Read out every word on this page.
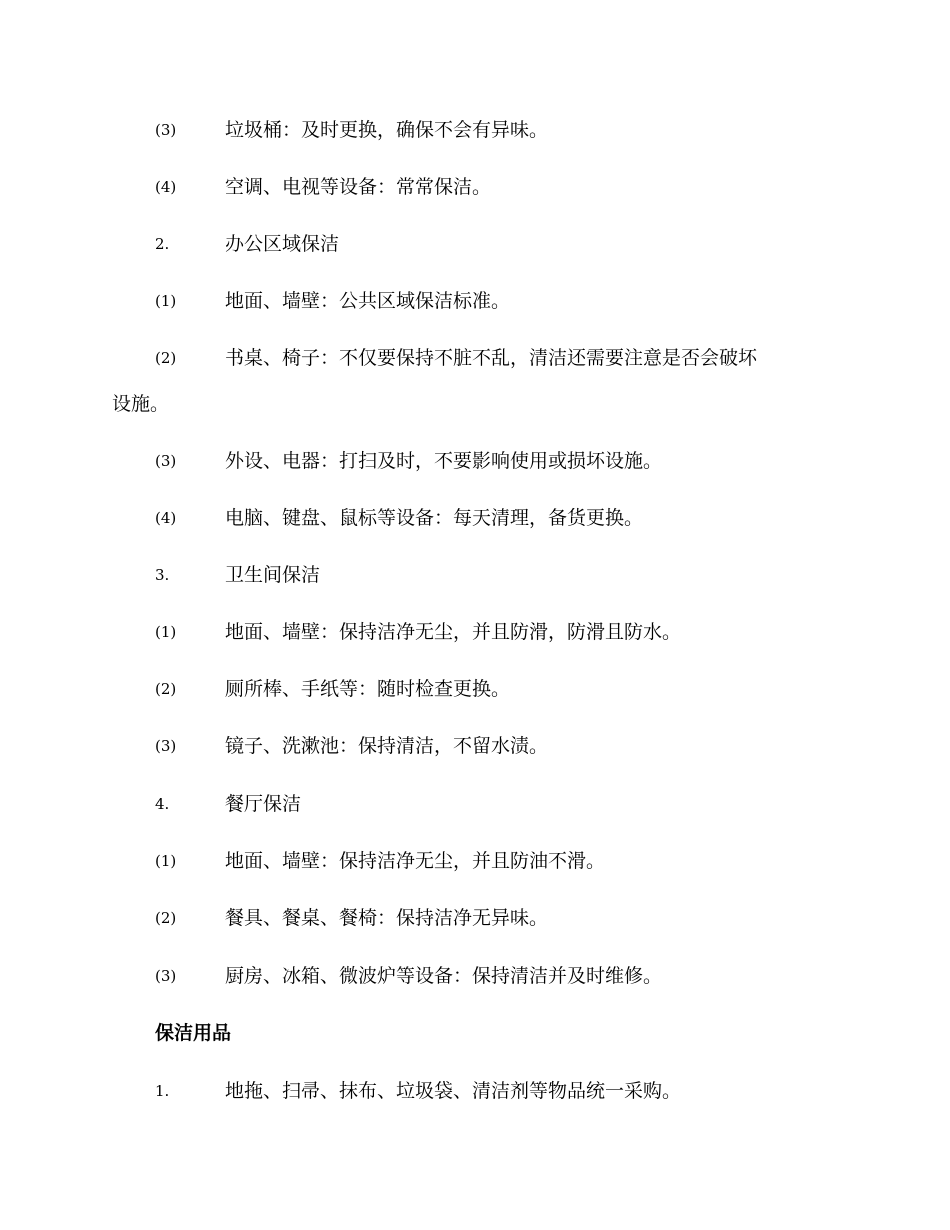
(3)	垃圾桶：及时更换，确保不会有异味。
(4)	空调、电视等设备：常常保洁。
2.	办公区域保洁
(1)	地面、墙壁：公共区域保洁标准。
(2)	书桌、椅子：不仅要保持不脏不乱，清洁还需要注意是否会破坏
设施。
(3)	外设、电器：打扫及时，不要影响使用或损坏设施。
(4)	电脑、键盘、鼠标等设备：每天清理，备货更换。
3.	卫生间保洁
(1)	地面、墙壁：保持洁净无尘，并且防滑，防滑且防水。
(2)	厕所棒、手纸等：随时检查更换。
(3)	镜子、洗漱池：保持清洁，不留水渍。
4.	餐厅保洁
(1)	地面、墙壁：保持洁净无尘，并且防油不滑。
(2)	餐具、餐桌、餐椅：保持洁净无异味。
(3)	厨房、冰箱、微波炉等设备：保持清洁并及时维修。
保洁用品
1.	地拖、扫帚、抹布、垃圾袋、清洁剂等物品统一采购。
